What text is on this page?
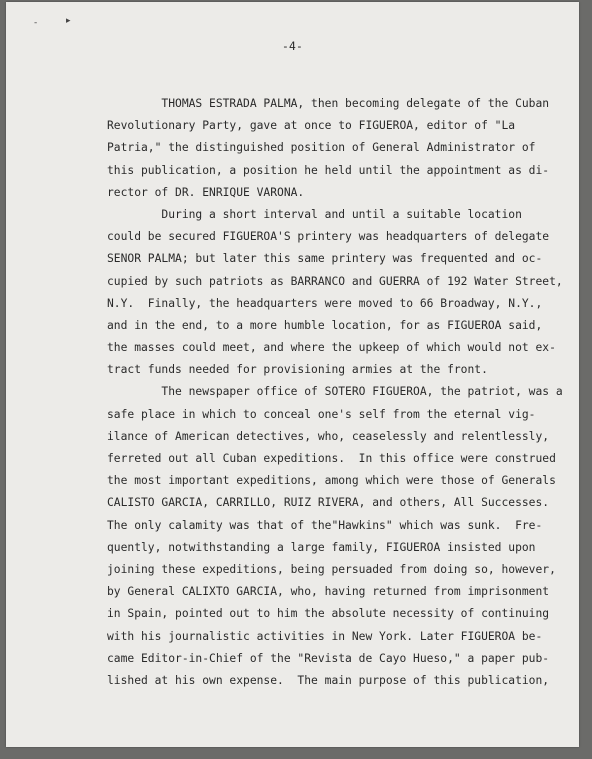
-	▸
-4-
THOMAS ESTRADA PALMA, then becoming delegate of the Cuban
Revolutionary Party, gave at once to FIGUEROA, editor of "La
Patria," the distinguished position of General Administrator of
this publication, a position he held until the appointment as di-
rector of DR. ENRIQUE VARONA.
During a short interval and until a suitable location
could be secured FIGUEROA'S printery was headquarters of delegate
SENOR PALMA; but later this same printery was frequented and oc-
cupied by such patriots as BARRANCO and GUERRA of 192 Water Street,
N.Y.  Finally, the headquarters were moved to 66 Broadway, N.Y.,
and in the end, to a more humble location, for as FIGUEROA said,
the masses could meet, and where the upkeep of which would not ex-
tract funds needed for provisioning armies at the front.
The newspaper office of SOTERO FIGUEROA, the patriot, was a
safe place in which to conceal one's self from the eternal vig-
ilance of American detectives, who, ceaselessly and relentlessly,
ferreted out all Cuban expeditions.  In this office were construed
the most important expeditions, among which were those of Generals
CALISTO GARCIA, CARRILLO, RUIZ RIVERA, and others, All Successes.
The only calamity was that of the"Hawkins" which was sunk.  Fre-
quently, notwithstanding a large family, FIGUEROA insisted upon
joining these expeditions, being persuaded from doing so, however,
by General CALIXTO GARCIA, who, having returned from imprisonment
in Spain, pointed out to him the absolute necessity of continuing
with his journalistic activities in New York. Later FIGUEROA be-
came Editor-in-Chief of the "Revista de Cayo Hueso," a paper pub-
lished at his own expense.  The main purpose of this publication,
